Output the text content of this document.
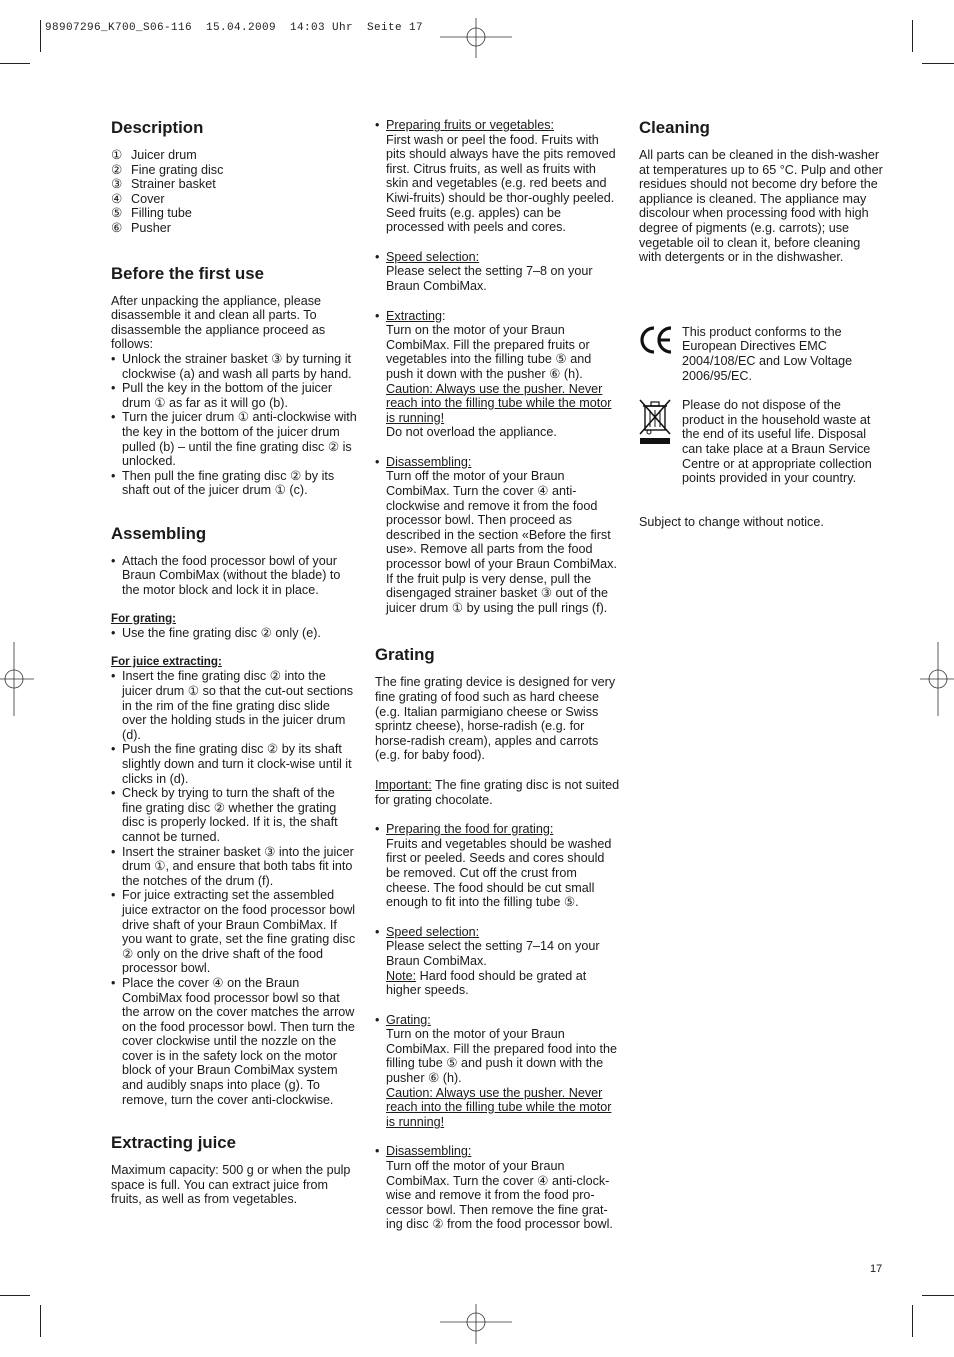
98907296_K700_S06-116  15.04.2009  14:03 Uhr  Seite 17
Description
① Juicer drum
② Fine grating disc
③ Strainer basket
④ Cover
⑤ Filling tube
⑥ Pusher
Before the first use

After unpacking the appliance, please disassemble it and clean all parts. To disassemble the appliance proceed as follows:

• Unlock the strainer basket ③ by turning it clockwise (a) and wash all parts by hand.
• Pull the key in the bottom of the juicer drum ① as far as it will go (b).
• Turn the juicer drum ① anti-clockwise with the key in the bottom of the juicer drum pulled (b) – until the fine grating disc ② is unlocked.
• Then pull the fine grating disc ② by its shaft out of the juicer drum ① (c).
Assembling
• Attach the food processor bowl of your Braun CombiMax (without the blade) to the motor block and lock it in place.

For grating:

• Use the fine grating disc ② only (e).

For juice extracting:

• Insert the fine grating disc ② into the juicer drum ① so that the cut-out sections in the rim of the fine grating disc slide over the holding studs in the juicer drum (d).
• Push the fine grating disc ② by its shaft slightly down and turn it clock-wise until it clicks in (d).
• Check by trying to turn the shaft of the fine grating disc ② whether the grating disc is properly locked. If it is, the shaft cannot be turned.
• Insert the strainer basket ③ into the juicer drum ①, and ensure that both tabs fit into the notches of the drum (f).
• For juice extracting set the assembled juice extractor on the food processor bowl drive shaft of your Braun CombiMax. If you want to grate, set the fine grating disc ② only on the drive shaft of the food processor bowl.
• Place the cover ④ on the Braun CombiMax food processor bowl so that the arrow on the cover matches the arrow on the food processor bowl. Then turn the cover clockwise until the nozzle on the cover is in the safety lock on the motor block of your Braun CombiMax system and audibly snaps into place (g). To remove, turn the cover anti-clockwise.
Extracting juice

Maximum capacity: 500 g or when the pulp space is full. You can extract juice from fruits, as well as from vegetables.

• Preparing fruits or vegetables:
First wash or peel the food. Fruits with pits should always have the pits removed first. Citrus fruits, as well as fruits with skin and vegetables (e.g. red beets and Kiwi-fruits) should be thor-oughly peeled. Seed fruits (e.g. apples) can be processed with peels and cores.
• Speed selection:
Please select the setting 7–8 on your Braun CombiMax.
• Extracting:
Turn on the motor of your Braun CombiMax. Fill the prepared fruits or vegetables into the filling tube ⑤ and push it down with the pusher ⑥ (h).
Caution: Always use the pusher. Never reach into the filling tube while the motor is running!
Do not overload the appliance.
• Disassembling:
Turn off the motor of your Braun CombiMax. Turn the cover ④ anti-clockwise and remove it from the food processor bowl. Then proceed as described in the section «Before the first use». Remove all parts from the food processor bowl of your Braun CombiMax. If the fruit pulp is very dense, pull the disengaged strainer basket ③ out of the juicer drum ① by using the pull rings (f).
Grating

The fine grating device is designed for very fine grating of food such as hard cheese (e.g. Italian parmigiano cheese or Swiss sprintz cheese), horse-radish (e.g. for horse-radish cream), apples and carrots (e.g. for baby food).

Important: The fine grating disc is not suited for grating chocolate.

• Preparing the food for grating:
Fruits and vegetables should be washed first or peeled. Seeds and cores should be removed. Cut off the crust from cheese. The food should be cut small enough to fit into the filling tube ⑤.
• Speed selection:
Please select the setting 7–14 on your Braun CombiMax.
Note: Hard food should be grated at higher speeds.
• Grating:
Turn on the motor of your Braun CombiMax. Fill the prepared food into the filling tube ⑤ and push it down with the pusher ⑥ (h).
Caution: Always use the pusher. Never reach into the filling tube while the motor is running!
• Disassembling:
Turn off the motor of your Braun CombiMax. Turn the cover ④ anti-clock-wise and remove it from the food pro-cessor bowl. Then remove the fine grat-ing disc ② from the food processor bowl.
Cleaning

All parts can be cleaned in the dish-washer at temperatures up to 65 °C. Pulp and other residues should not become dry before the appliance is cleaned. The appliance may discolour when processing food with high degree of pigments (e.g. carrots); use vegetable oil to clean it, before cleaning with detergents or in the dishwasher.

This product conforms to the European Directives EMC 2004/108/EC and Low Voltage 2006/95/EC.
Please do not dispose of the product in the household waste at the end of its useful life. Disposal can take place at a Braun Service Centre or at appropriate collection points provided in your country.

Subject to change without notice.

17
